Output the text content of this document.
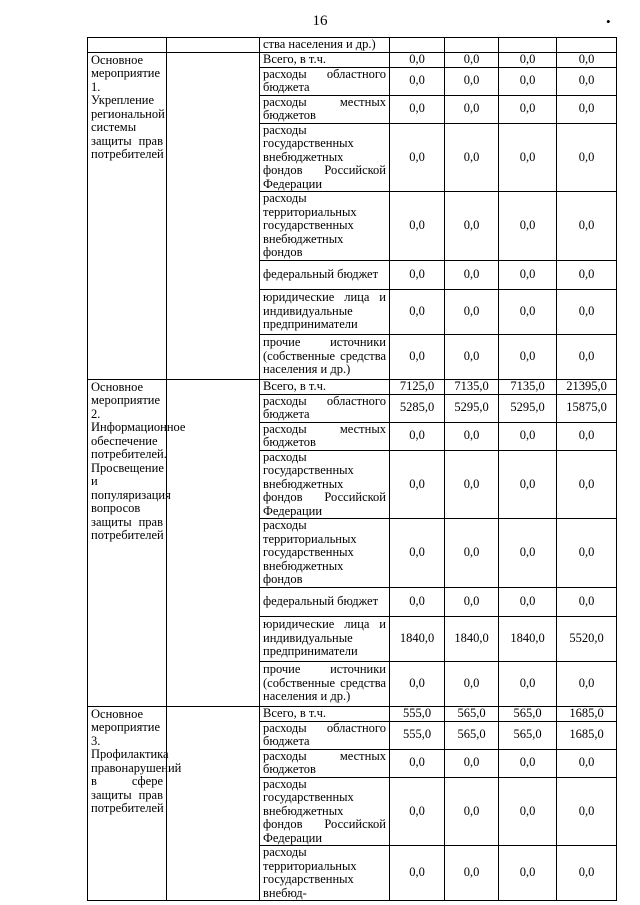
16	•
		ства населения и др.)				
Основное мероприятие 1. Укрепление региональной системы защиты прав потребителей		Всего, в т.ч.	0,0	0,0	0,0	0,0
		расходы областного бюджета	0,0	0,0	0,0	0,0
		расходы местных бюджетов	0,0	0,0	0,0	0,0
		расходы государственных внебюджетных фондов Российской Федерации	0,0	0,0	0,0	0,0
		расходы территориальных государственных внебюджетных фондов	0,0	0,0	0,0	0,0
		федеральный бюджет	0,0	0,0	0,0	0,0
		юридические лица и индивидуальные предприниматели	0,0	0,0	0,0	0,0
		прочие источники (собственные средства населения и др.)	0,0	0,0	0,0	0,0
Основное мероприятие 2. Информационное обеспечение потребителей. Просвещение и популяризация вопросов защиты прав потребителей		Всего, в т.ч.	7125,0	7135,0	7135,0	21395,0
		расходы областного бюджета	5285,0	5295,0	5295,0	15875,0
		расходы местных бюджетов	0,0	0,0	0,0	0,0
		расходы государственных внебюджетных фондов Российской Федерации	0,0	0,0	0,0	0,0
		расходы территориальных государственных внебюджетных фондов	0,0	0,0	0,0	0,0
		федеральный бюджет	0,0	0,0	0,0	0,0
		юридические лица и индивидуальные предприниматели	1840,0	1840,0	1840,0	5520,0
		прочие источники (собственные средства населения и др.)	0,0	0,0	0,0	0,0
Основное мероприятие 3. Профилактика правонарушений в сфере защиты прав потребителей		Всего, в т.ч.	555,0	565,0	565,0	1685,0
		расходы областного бюджета	555,0	565,0	565,0	1685,0
		расходы местных бюджетов	0,0	0,0	0,0	0,0
		расходы государственных внебюджетных фондов Российской Федерации	0,0	0,0	0,0	0,0
		расходы территориальных государственных внебюд-	0,0	0,0	0,0	0,0
